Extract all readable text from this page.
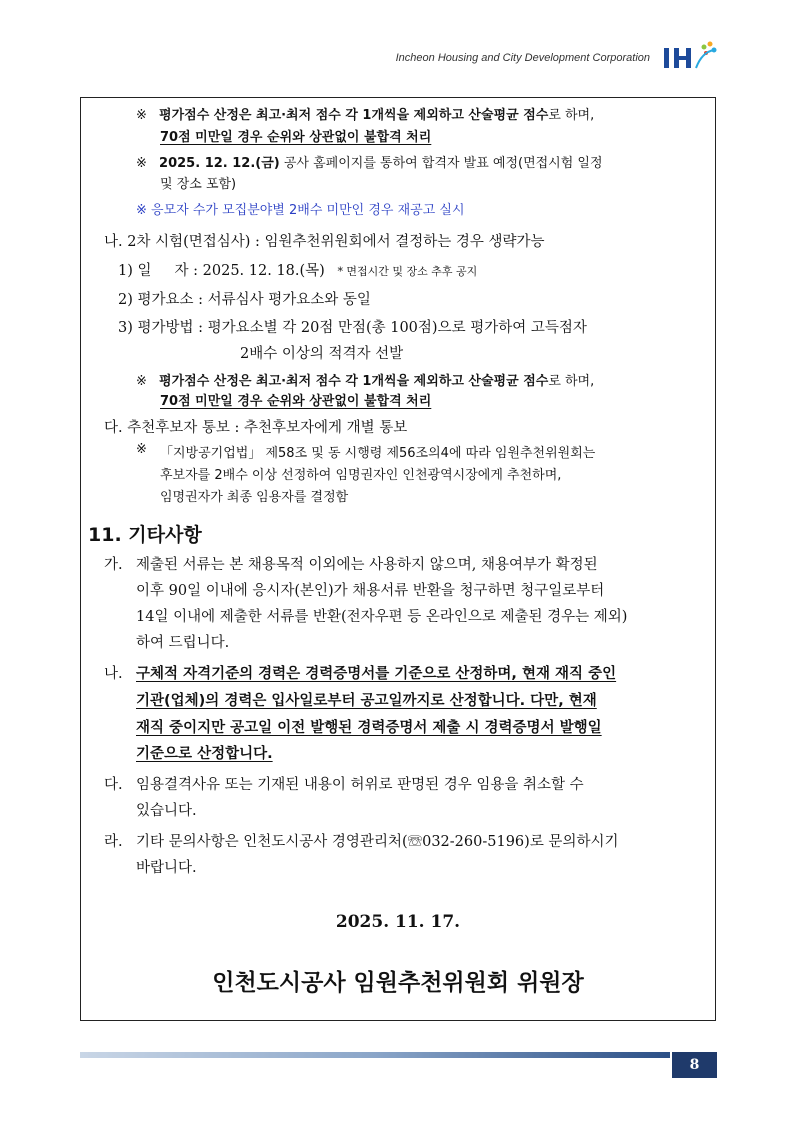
Incheon Housing and City Development Corporation
※ 평가점수 산정은 최고·최저 점수 각 1개씩을 제외하고 산술평균 점수로 하며,
70점 미만일 경우 순위와 상관없이 불합격 처리
※ 2025. 12. 12.(금) 공사 홈페이지를 통하여 합격자 발표 예정(면접시험 일정
및 장소 포함)
※ 응모자 수가 모집분야별 2배수 미만인 경우 재공고 실시
나. 2차 시험(면접심사) : 임원추천위원회에서 결정하는 경우 생략가능
1) 일     자 : 2025. 12. 18.(목) * 면접시간 및 장소 추후 공지
2) 평가요소 : 서류심사 평가요소와 동일
3) 평가방법 : 평가요소별 각 20점 만점(총 100점)으로 평가하여 고득점자
2배수 이상의 적격자 선발
※ 평가점수 산정은 최고·최저 점수 각 1개씩을 제외하고 산술평균 점수로 하며,
70점 미만일 경우 순위와 상관없이 불합격 처리
다. 추천후보자 통보 : 추천후보자에게 개별 통보
※ 「지방공기업법」 제58조 및 동 시행령 제56조의4에 따라 임원추천위원회는
후보자를 2배수 이상 선정하여 임명권자인 인천광역시장에게 추천하며,
임명권자가 최종 임용자를 결정함
11. 기타사항
가. 제출된 서류는 본 채용목적 이외에는 사용하지 않으며, 채용여부가 확정된
이후 90일 이내에 응시자(본인)가 채용서류 반환을 청구하면 청구일로부터
14일 이내에 제출한 서류를 반환(전자우편 등 온라인으로 제출된 경우는 제외)
하여 드립니다.
나. 구체적 자격기준의 경력은 경력증명서를 기준으로 산정하며, 현재 재직 중인
기관(업체)의 경력은 입사일로부터 공고일까지로 산정합니다. 다만, 현재
재직 중이지만 공고일 이전 발행된 경력증명서 제출 시 경력증명서 발행일
기준으로 산정합니다.
다. 임용결격사유 또는 기재된 내용이 허위로 판명된 경우 임용을 취소할 수
있습니다.
라. 기타 문의사항은 인천도시공사 경영관리처(☏032-260-5196)로 문의하시기
바랍니다.
2025. 11. 17.
인천도시공사 임원추천위원회 위원장
8
